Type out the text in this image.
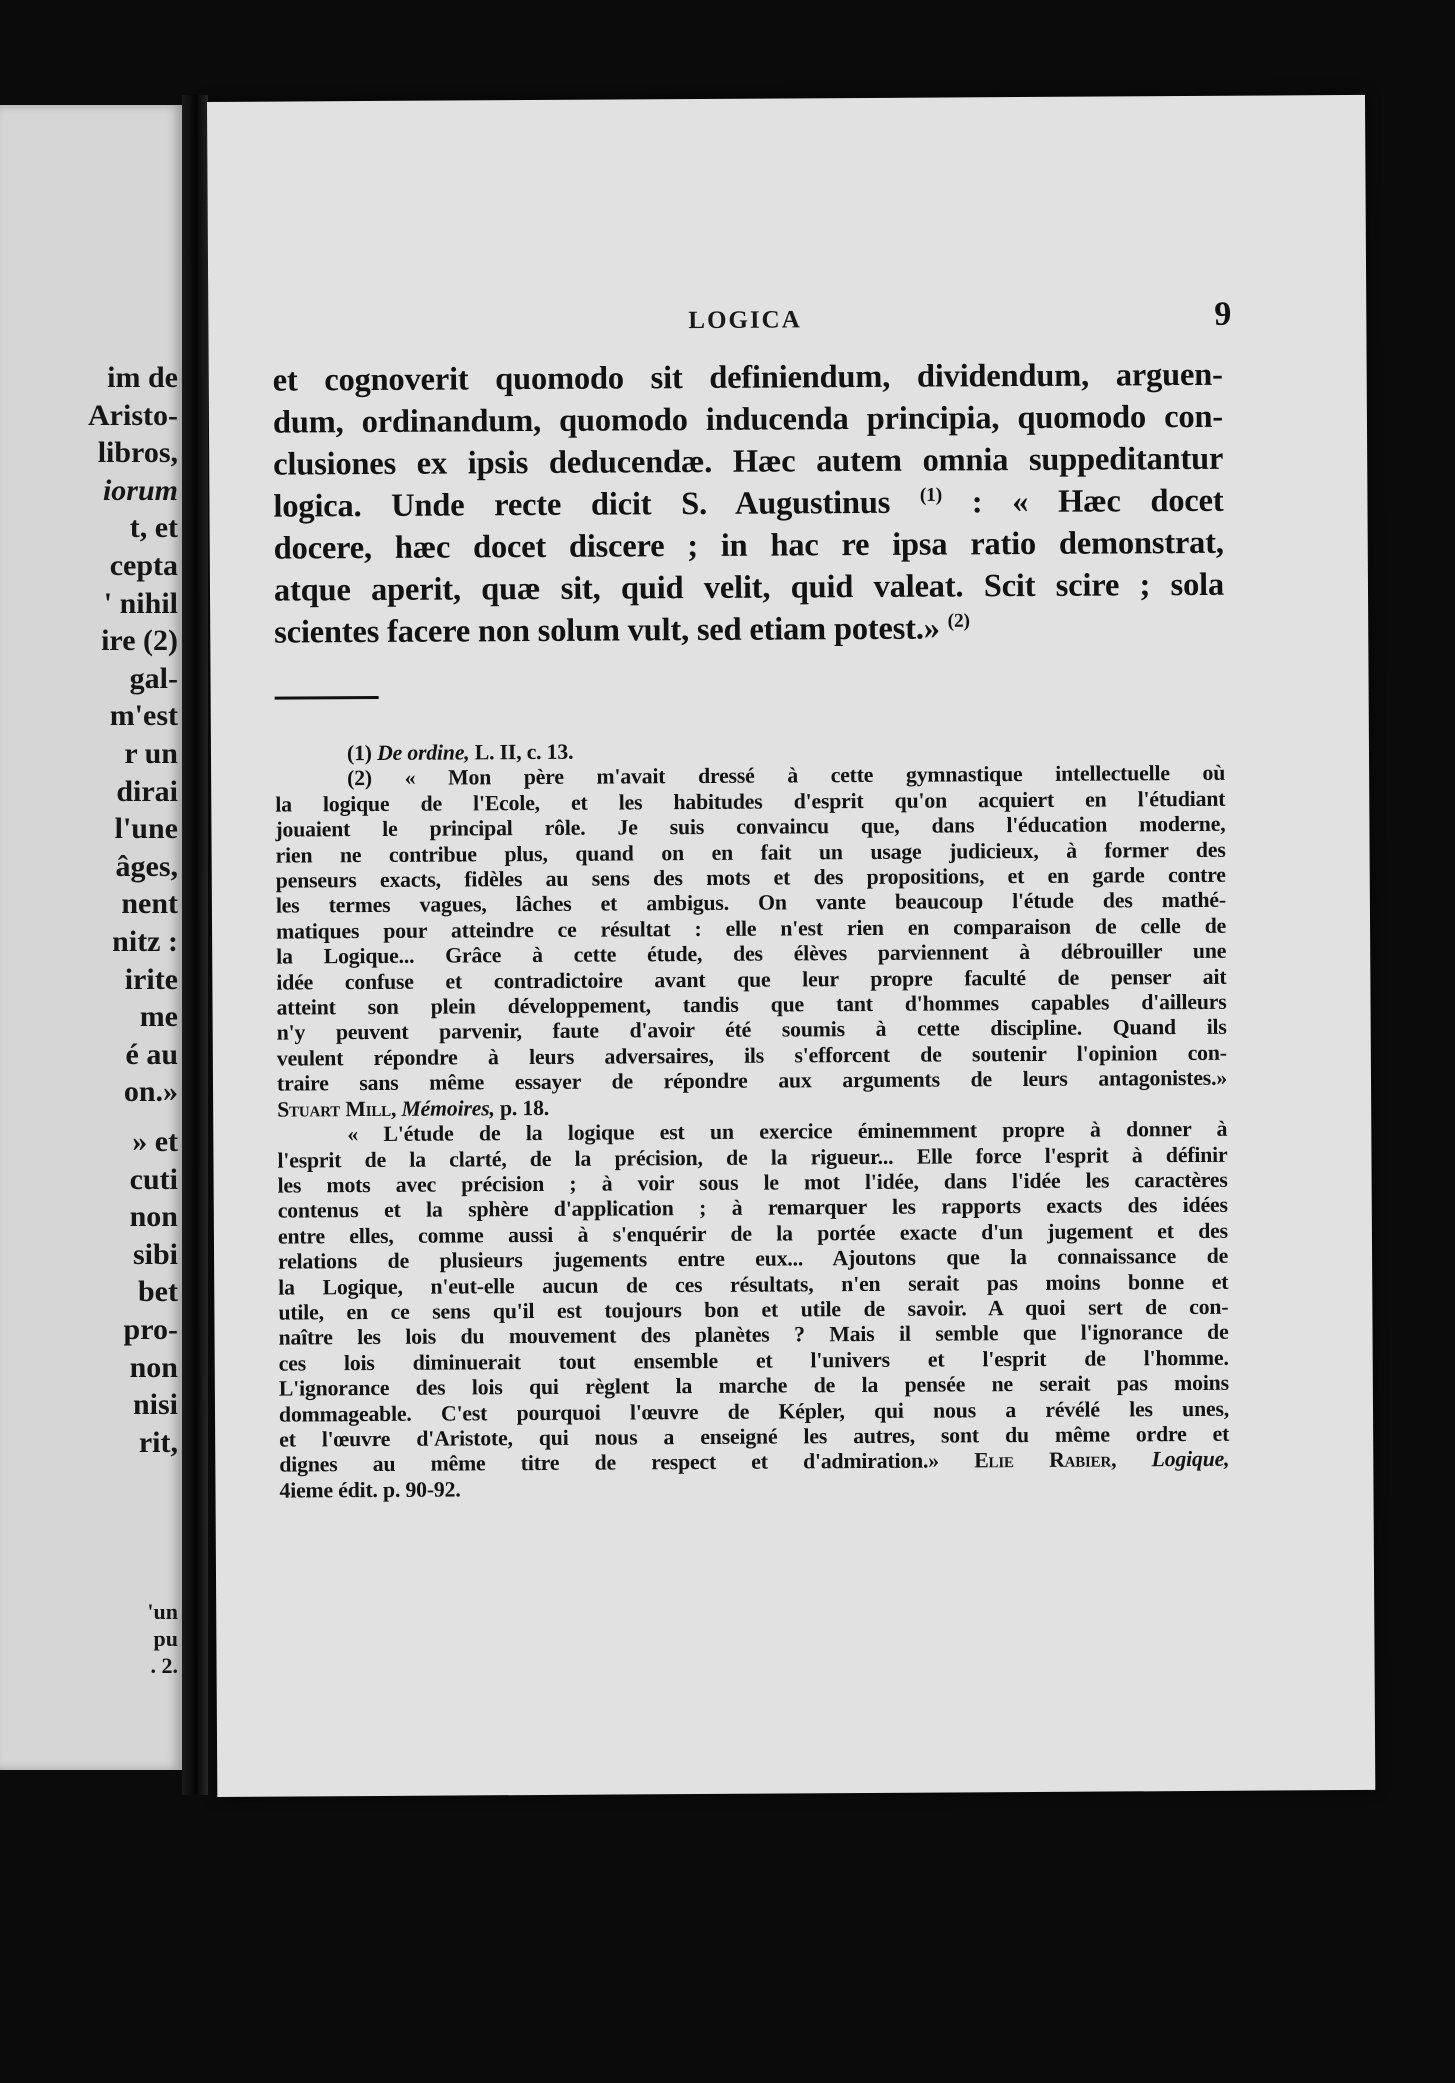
im de
Aristo-
libros,
iorum
t, et
cepta
' nihil
ire (2)
gal-
m'est
r un
dirai
l'une
âges,
nent
nitz :
irite
me
é au
on.»
» et
cuti
non
sibi
bet
pro-
non
nisi
rit,
'un
pu
. 2.
LOGICA	9
et cognoverit quomodo sit definiendum, dividendum, arguen-
dum, ordinandum, quomodo inducenda principia, quomodo con-
clusiones ex ipsis deducendæ. Hæc autem omnia suppeditantur
logica. Unde recte dicit S. Augustinus $^{(1)}$ : « Hæc docet
docere, hæc docet discere ; in hac re ipsa ratio demonstrat,
atque aperit, quæ sit, quid velit, quid valeat. Scit scire ; sola
scientes facere non solum vult, sed etiam potest.» $^{(2)}$
(1) De ordine, L. II, c. 13.
(2) « Mon père m'avait dressé à cette gymnastique intellectuelle où
la logique de l'Ecole, et les habitudes d'esprit qu'on acquiert en l'étudiant
jouaient le principal rôle. Je suis convaincu que, dans l'éducation moderne,
rien ne contribue plus, quand on en fait un usage judicieux, à former des
penseurs exacts, fidèles au sens des mots et des propositions, et en garde contre
les termes vagues, lâches et ambigus. On vante beaucoup l'étude des mathé-
matiques pour atteindre ce résultat : elle n'est rien en comparaison de celle de
la Logique... Grâce à cette étude, des élèves parviennent à débrouiller une
idée confuse et contradictoire avant que leur propre faculté de penser ait
atteint son plein développement, tandis que tant d'hommes capables d'ailleurs
n'y peuvent parvenir, faute d'avoir été soumis à cette discipline. Quand ils
veulent répondre à leurs adversaires, ils s'efforcent de soutenir l'opinion con-
traire sans même essayer de répondre aux arguments de leurs antagonistes.»
Stuart Mill, Mémoires, p. 18.
« L'étude de la logique est un exercice éminemment propre à donner à
l'esprit de la clarté, de la précision, de la rigueur... Elle force l'esprit à définir
les mots avec précision ; à voir sous le mot l'idée, dans l'idée les caractères
contenus et la sphère d'application ; à remarquer les rapports exacts des idées
entre elles, comme aussi à s'enquérir de la portée exacte d'un jugement et des
relations de plusieurs jugements entre eux... Ajoutons que la connaissance de
la Logique, n'eut-elle aucun de ces résultats, n'en serait pas moins bonne et
utile, en ce sens qu'il est toujours bon et utile de savoir. A quoi sert de con-
naître les lois du mouvement des planètes ? Mais il semble que l'ignorance de
ces lois diminuerait tout ensemble et l'univers et l'esprit de l'homme.
L'ignorance des lois qui règlent la marche de la pensée ne serait pas moins
dommageable. C'est pourquoi l'œuvre de Képler, qui nous a révélé les unes,
et l'œuvre d'Aristote, qui nous a enseigné les autres, sont du même ordre et
dignes au même titre de respect et d'admiration.» Elie Rabier, Logique,
4ieme édit. p. 90-92.
